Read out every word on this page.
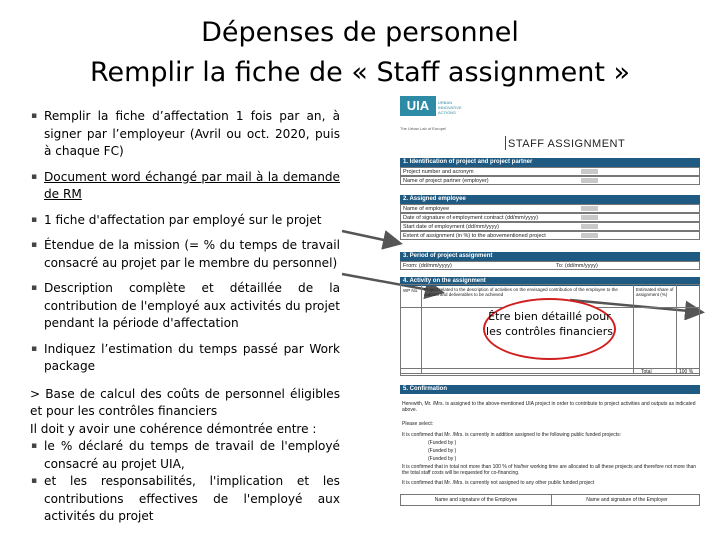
Dépenses de personnel
Remplir la fiche de « Staff assignment »
▪ Remplir la fiche d’affectation 1 fois par an, à signer par l’employeur (Avril ou oct. 2020, puis à chaque FC)
▪ Document word échangé par mail à la demande de RM
▪ 1 fiche d'affectation par employé sur le projet
▪ Étendue de la mission (= % du temps de travail consacré au projet par le membre du personnel)
▪ Description complète et détaillée de la contribution de l'employé aux activités du projet pendant la période d'affectation
▪ Indiquez l’estimation du temps passé par Work package

> Base de calcul des coûts de personnel éligibles et pour les contrôles financiers

Il doit y avoir une cohérence démontrée entre :

▪ le % déclaré du temps de travail de l'employé consacré au projet UIA,
▪ et les responsabilités, l'implication et les contributions effectives de l'employé aux activités du projet
UIA	URBAN INNOVATIVE ACTIONS
The Urban Lab of Europe!
STAFF ASSIGNMENT
1. Identification of project and project partner
Project number and acronym
Name of project partner (employer)
2. Assigned employee
Name of employee
Date of signature of employment contract (dd/mm/yyyy)
Start date of employment (dd/mm/yyyy)
Extent of assignment (in %) to the abovementioned project
3. Period of project assignment
From: (dd/mm/yyyy)	To: (dd/mm/yyyy)
4. Activity on the assignment
WP No. Project related to the description of activities on the envisaged contribution of the employee to the outputs and deliverables to be achieved
Estimated share of assignment (%)
Total	100 %
5. Confirmation
Herewith, Mr. /Mrs. is assigned to the above-mentioned UIA project in order to contribute to project activities and outputs as indicated above.
Please select:
It is confirmed that Mr. /Mrs. is currently in addition assigned to the following public funded projects:
(Funded by )
(Funded by )
(Funded by )
It is confirmed that in total not more than 100 % of his/her working time are allocated to all these projects and therefore not more than the total staff costs will be requested for co-financing.
It is confirmed that Mr. /Mrs. is currently not assigned to any other public funded project
Name and signature of the Employee	Name and signature of the Employer
Être bien détaillé pour les contrôles financiers
